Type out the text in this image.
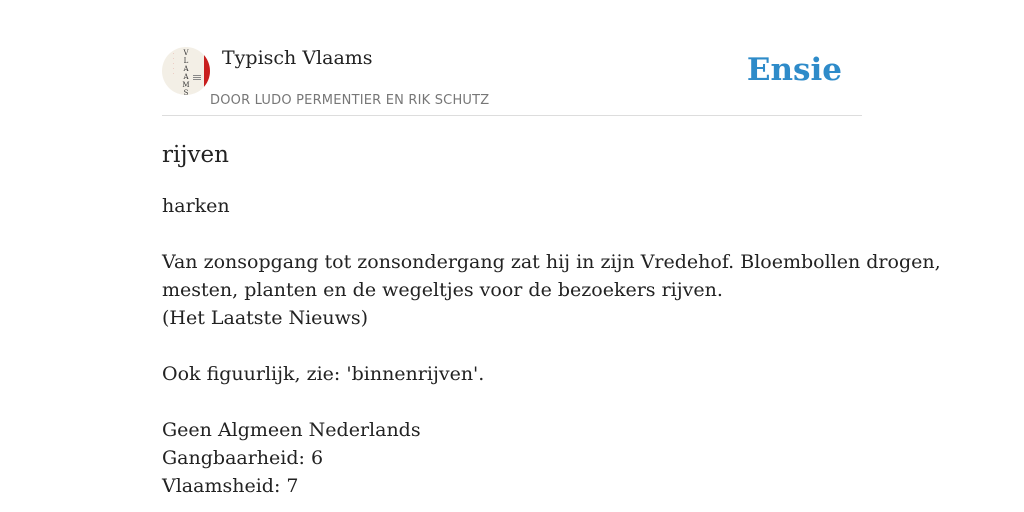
·
·
·
·
·
V
L
A
A
M
S
Typisch Vlaams
DOOR LUDO PERMENTIER EN RIK SCHUTZ
Ensie
rijven
harken
Van zonsopgang tot zonsondergang zat hij in zijn Vredehof. Bloembollen drogen,
mesten, planten en de wegeltjes voor de bezoekers rijven.
(Het Laatste Nieuws)
Ook figuurlijk, zie: 'binnenrijven'.
Geen Algmeen Nederlands
Gangbaarheid: 6
Vlaamsheid: 7
